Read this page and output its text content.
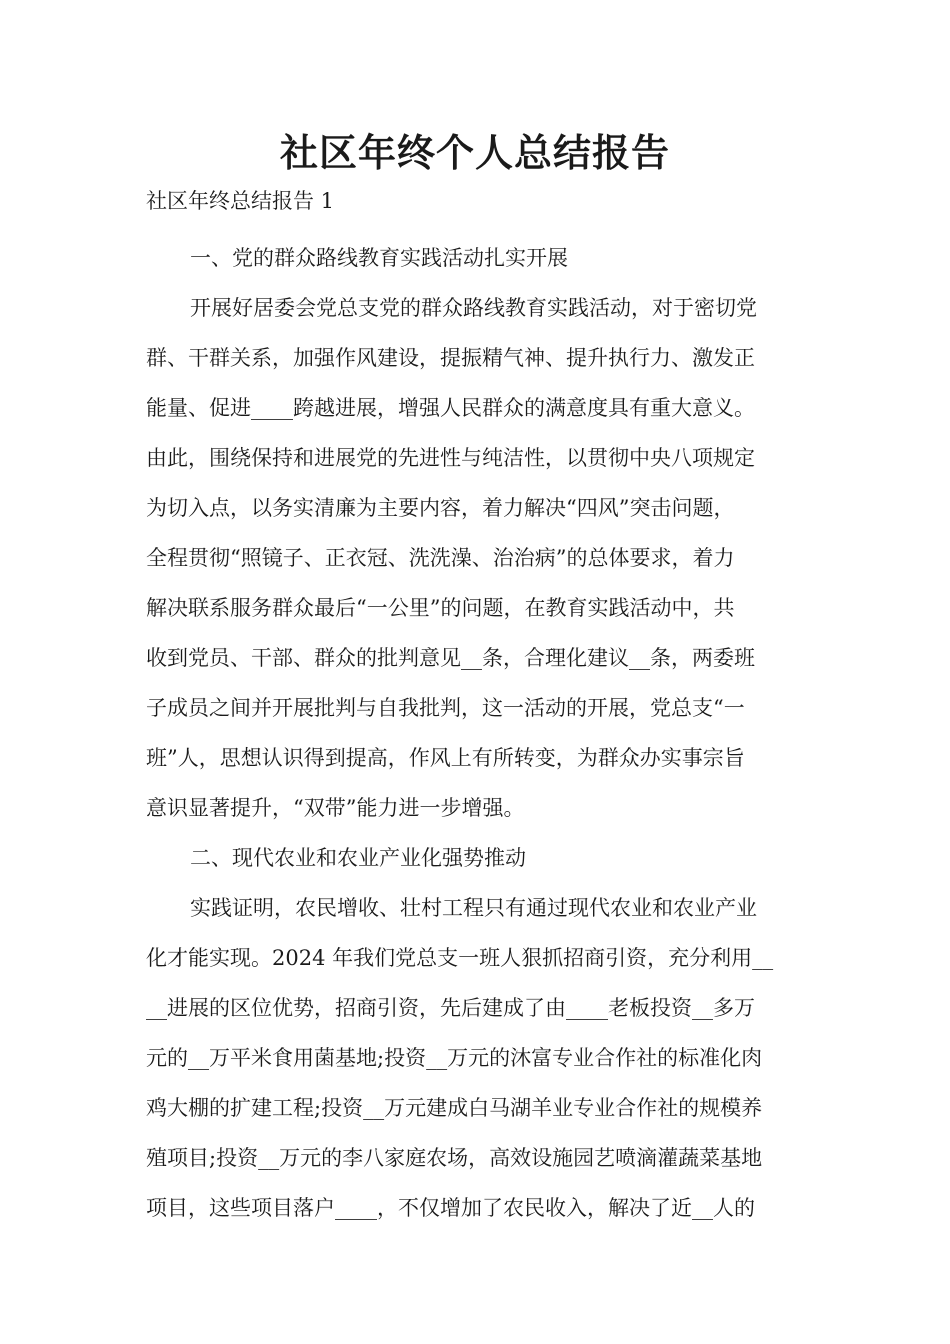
社区年终个人总结报告

社区年终总结报告 1

一、党的群众路线教育实践活动扎实开展
开展好居委会党总支党的群众路线教育实践活动，对于密切党
群、干群关系，加强作风建设，提振精气神、提升执行力、激发正
能量、促进____跨越进展，增强人民群众的满意度具有重大意义。
由此，围绕保持和进展党的先进性与纯洁性，以贯彻中央八项规定
为切入点，以务实清廉为主要内容，着力解决“四风”突击问题，
全程贯彻“照镜子、正衣冠、洗洗澡、治治病”的总体要求，着力
解决联系服务群众最后“一公里”的问题，在教育实践活动中，共
收到党员、干部、群众的批判意见__条，合理化建议__条，两委班
子成员之间并开展批判与自我批判，这一活动的开展，党总支“一
班”人，思想认识得到提高，作风上有所转变，为群众办实事宗旨
意识显著提升，“双带”能力进一步增强。
二、现代农业和农业产业化强势推动
实践证明，农民增收、壮村工程只有通过现代农业和农业产业
化才能实现。2024 年我们党总支一班人狠抓招商引资，充分利用__
__进展的区位优势，招商引资，先后建成了由____老板投资__多万
元的__万平米食用菌基地;投资__万元的沐富专业合作社的标准化肉
鸡大棚的扩建工程;投资__万元建成白马湖羊业专业合作社的规模养
殖项目;投资__万元的李八家庭农场，高效设施园艺喷滴灌蔬菜基地
项目，这些项目落户____，不仅增加了农民收入，解决了近__人的
